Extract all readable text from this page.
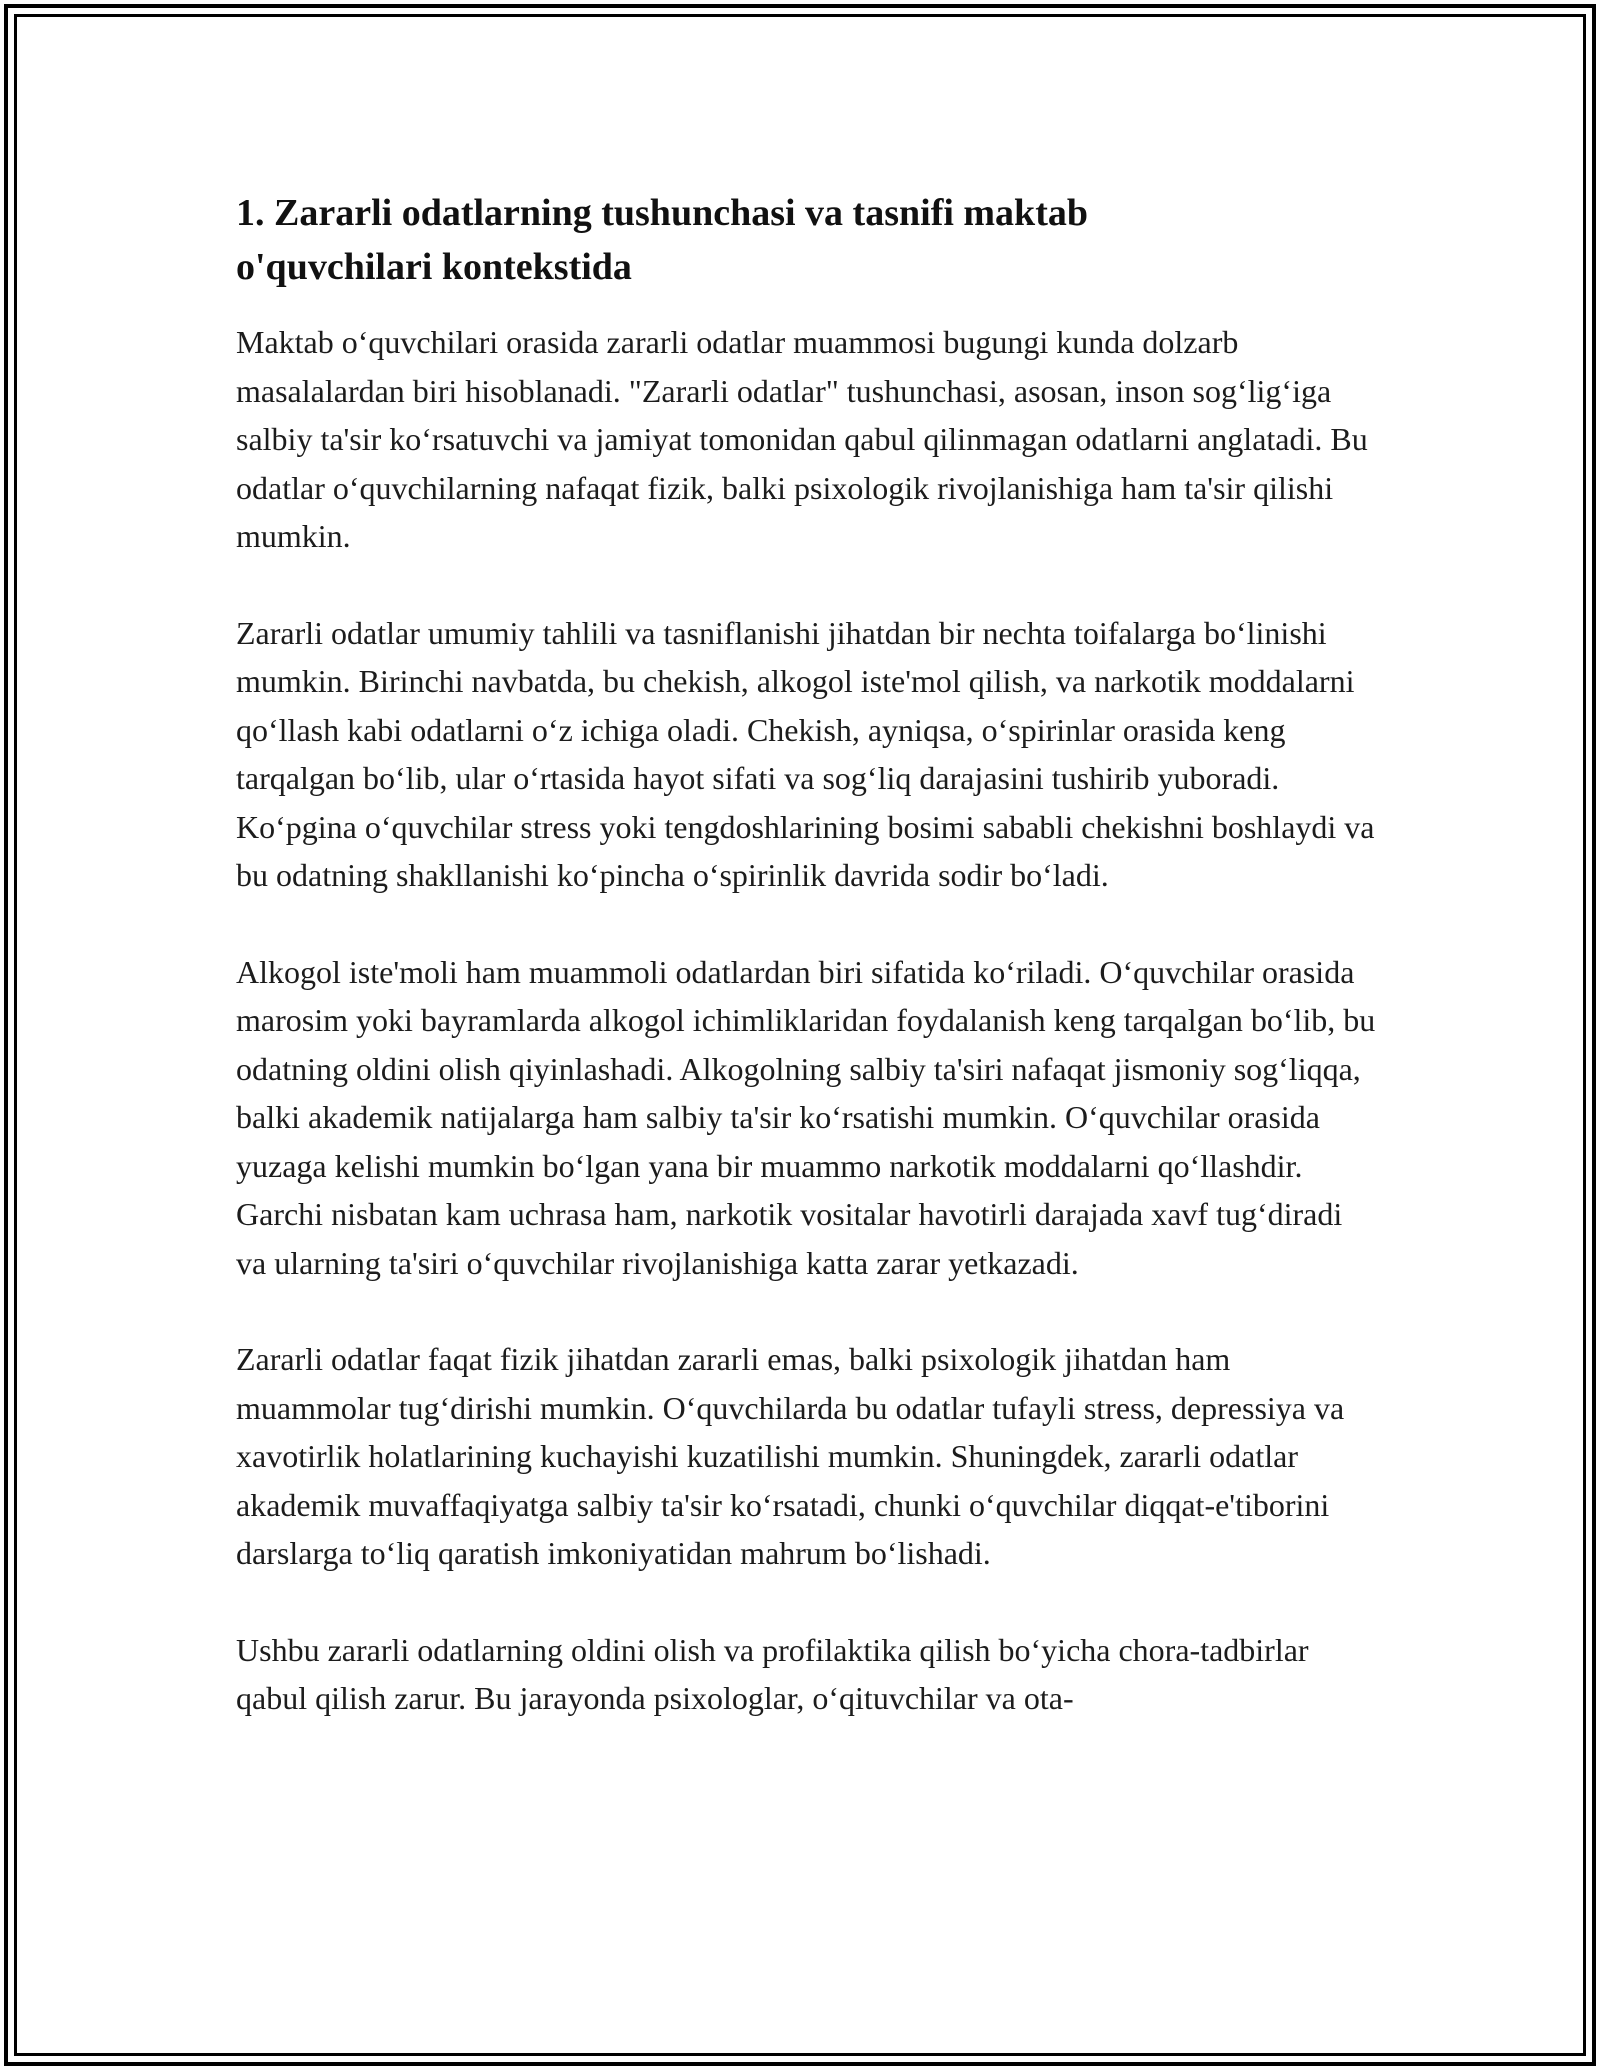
1. Zararli odatlarning tushunchasi va tasnifi maktab o'quvchilari kontekstida

Maktab o‘quvchilari orasida zararli odatlar muammosi bugungi kunda dolzarb masalalardan biri hisoblanadi. "Zararli odatlar" tushunchasi, asosan, inson sog‘lig‘iga salbiy ta'sir ko‘rsatuvchi va jamiyat tomonidan qabul qilinmagan odatlarni anglatadi. Bu odatlar o‘quvchilarning nafaqat fizik, balki psixologik rivojlanishiga ham ta'sir qilishi mumkin.

Zararli odatlar umumiy tahlili va tasniflanishi jihatdan bir nechta toifalarga bo‘linishi mumkin. Birinchi navbatda, bu chekish, alkogol iste'mol qilish, va narkotik moddalarni qo‘llash kabi odatlarni o‘z ichiga oladi. Chekish, ayniqsa, o‘spirinlar orasida keng tarqalgan bo‘lib, ular o‘rtasida hayot sifati va sog‘liq darajasini tushirib yuboradi. Ko‘pgina o‘quvchilar stress yoki tengdoshlarining bosimi sababli chekishni boshlaydi va bu odatning shakllanishi ko‘pincha o‘spirinlik davrida sodir bo‘ladi.

Alkogol iste'moli ham muammoli odatlardan biri sifatida ko‘riladi. O‘quvchilar orasida marosim yoki bayramlarda alkogol ichimliklaridan foydalanish keng tarqalgan bo‘lib, bu odatning oldini olish qiyinlashadi. Alkogolning salbiy ta'siri nafaqat jismoniy sog‘liqqa, balki akademik natijalarga ham salbiy ta'sir ko‘rsatishi mumkin. O‘quvchilar orasida yuzaga kelishi mumkin bo‘lgan yana bir muammo narkotik moddalarni qo‘llashdir. Garchi nisbatan kam uchrasa ham, narkotik vositalar havotirli darajada xavf tug‘diradi va ularning ta'siri o‘quvchilar rivojlanishiga katta zarar yetkazadi.

Zararli odatlar faqat fizik jihatdan zararli emas, balki psixologik jihatdan ham muammolar tug‘dirishi mumkin. O‘quvchilarda bu odatlar tufayli stress, depressiya va xavotirlik holatlarining kuchayishi kuzatilishi mumkin. Shuningdek, zararli odatlar akademik muvaffaqiyatga salbiy ta'sir ko‘rsatadi, chunki o‘quvchilar diqqat-e'tiborini darslarga to‘liq qaratish imkoniyatidan mahrum bo‘lishadi.

Ushbu zararli odatlarning oldini olish va profilaktika qilish bo‘yicha chora-tadbirlar qabul qilish zarur. Bu jarayonda psixologlar, o‘qituvchilar va ota-
